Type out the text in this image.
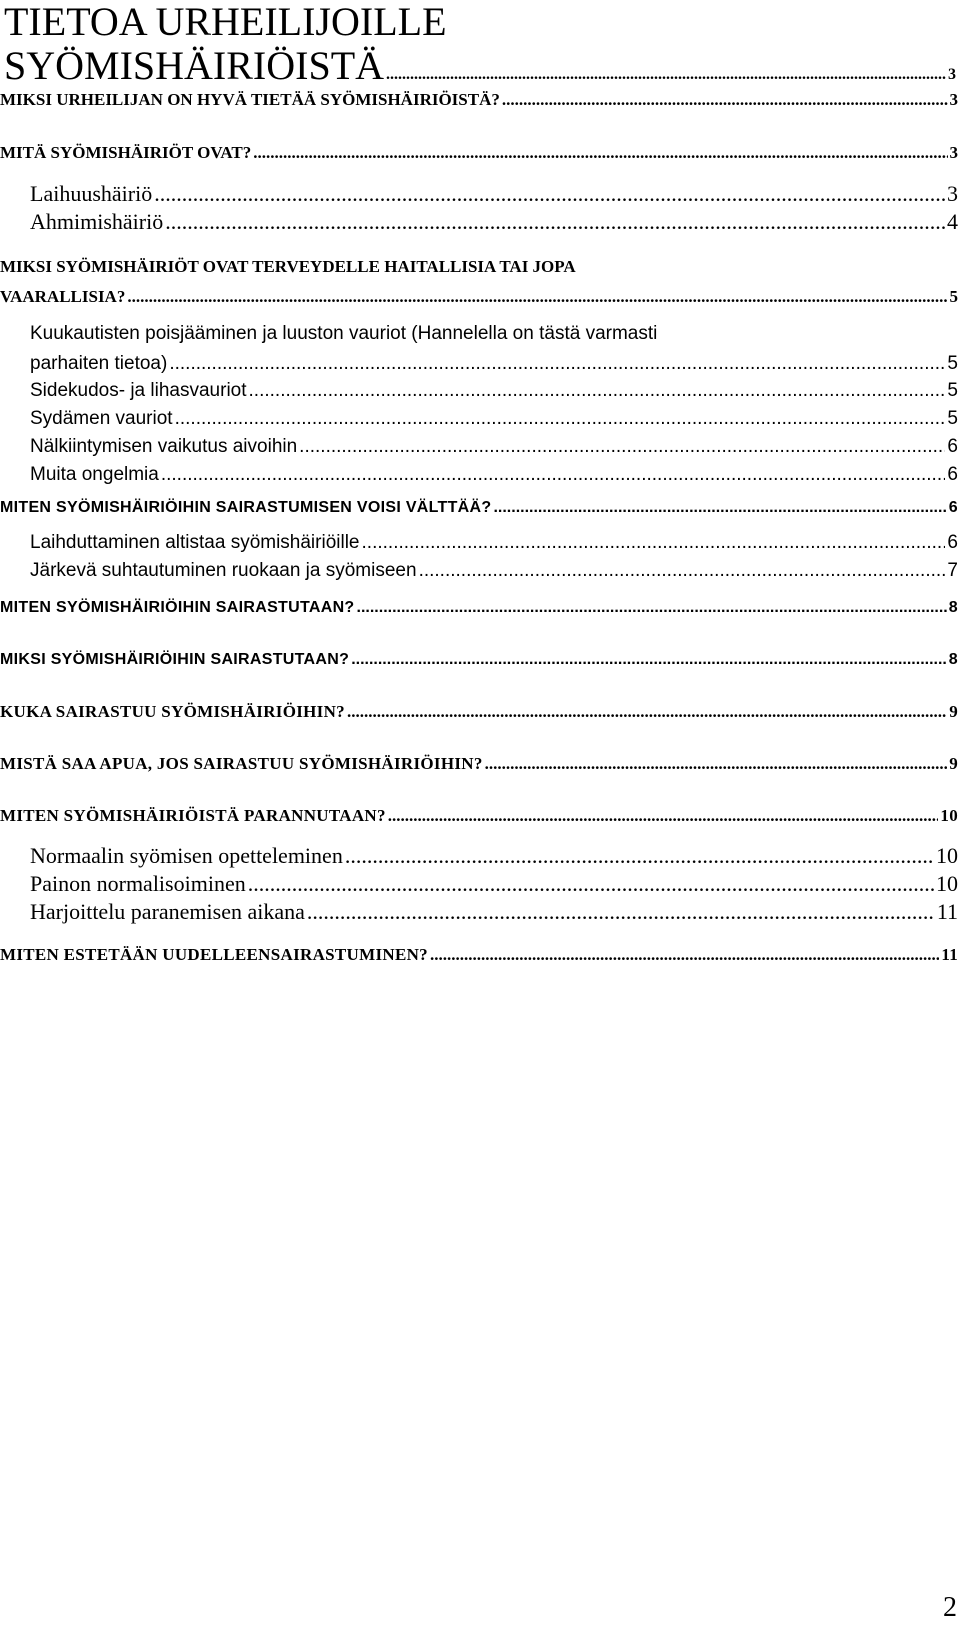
TIETOA URHEILIJOILLE
SYÖMISHÄIRIÖISTÄ .....	3
MIKSI URHEILIJAN ON HYVÄ TIETÄÄ SYÖMISHÄIRIÖISTÄ? .....	3
MITÄ SYÖMISHÄIRIÖT OVAT? .....	3
Laihuushäiriö .....	3
Ahmimishäiriö .....	4
MIKSI SYÖMISHÄIRIÖT OVAT TERVEYDELLE HAITALLISIA TAI JOPA
VAARALLISIA? .....	5
Kuukautisten poisjääminen ja luuston vauriot (Hannelella on tästä varmasti
parhaiten tietoa) .....	5
Sidekudos- ja lihasvauriot .....	5
Sydämen vauriot .....	5
Nälkiintymisen vaikutus aivoihin .....	6
Muita ongelmia .....	6
MITEN SYÖMISHÄIRIÖIHIN SAIRASTUMISEN VOISI VÄLTTÄÄ? .....	6
Laihduttaminen altistaa syömishäiriöille .....	6
Järkevä suhtautuminen ruokaan ja syömiseen .....	7
MITEN SYÖMISHÄIRIÖIHIN SAIRASTUTAAN? .....	8
MIKSI SYÖMISHÄIRIÖIHIN SAIRASTUTAAN? .....	8
KUKA SAIRASTUU SYÖMISHÄIRIÖIHIN? .....	9
MISTÄ SAA APUA, JOS SAIRASTUU SYÖMISHÄIRIÖIHIN? .....	9
MITEN SYÖMISHÄIRIÖISTÄ PARANNUTAAN? .....	10
Normaalin syömisen opetteleminen .....	10
Painon normalisoiminen .....	10
Harjoittelu paranemisen aikana .....	11
MITEN ESTETÄÄN UUDELLEENSAIRASTUMINEN? .....	11
2
